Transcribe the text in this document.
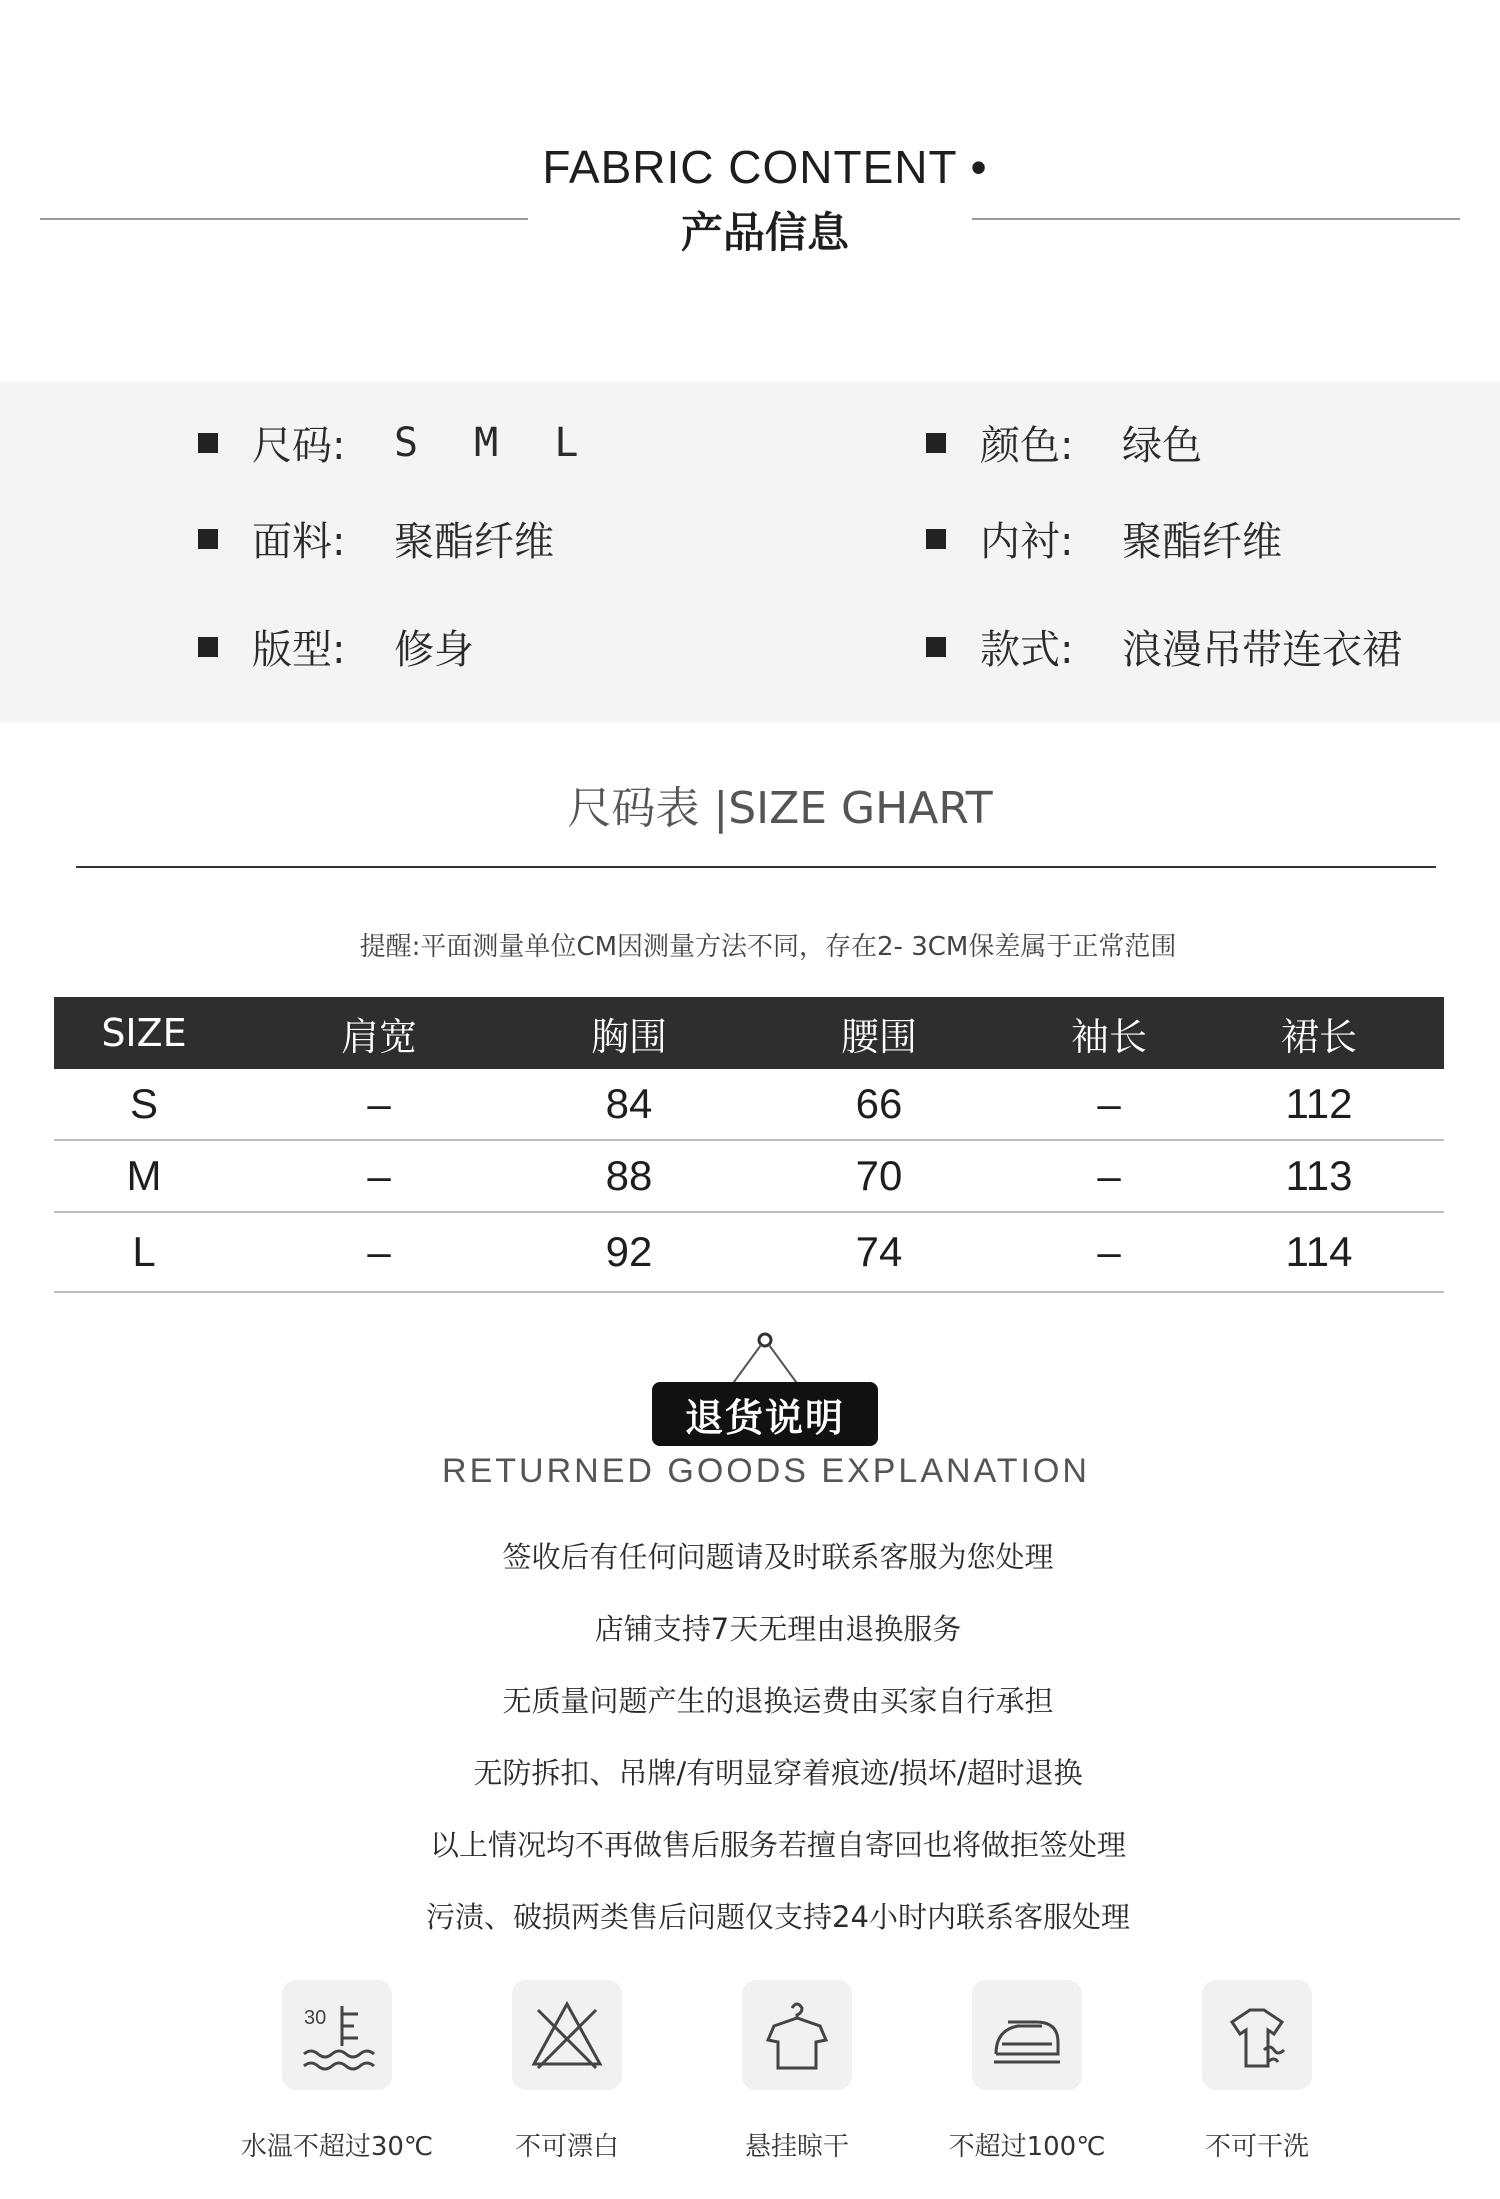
FABRIC CONTENT •
产品信息
尺码:	S M L	颜色:	绿色
面料:	聚酯纤维	内衬:	聚酯纤维
版型:	修身	款式:	浪漫吊带连衣裙
尺码表 |SIZE GHART
提醒:平面测量单位CM因测量方法不同，存在2- 3CM保差属于正常范围
SIZE	肩宽	胸围	腰围	袖长	裙长
S	–	84	66	–	112
M	–	88	70	–	113
L	–	92	74	–	114
退货说明
RETURNED GOODS EXPLANATION
签收后有任何问题请及时联系客服为您处理
店铺支持7天无理由退换服务
无质量问题产生的退换运费由买家自行承担
无防拆扣、吊牌/有明显穿着痕迹/损坏/超时退换
以上情况均不再做售后服务若擅自寄回也将做拒签处理
污渍、破损两类售后问题仅支持24小时内联系客服处理
30
水温不超过30℃	不可漂白	悬挂晾干	不超过100℃	不可干洗
